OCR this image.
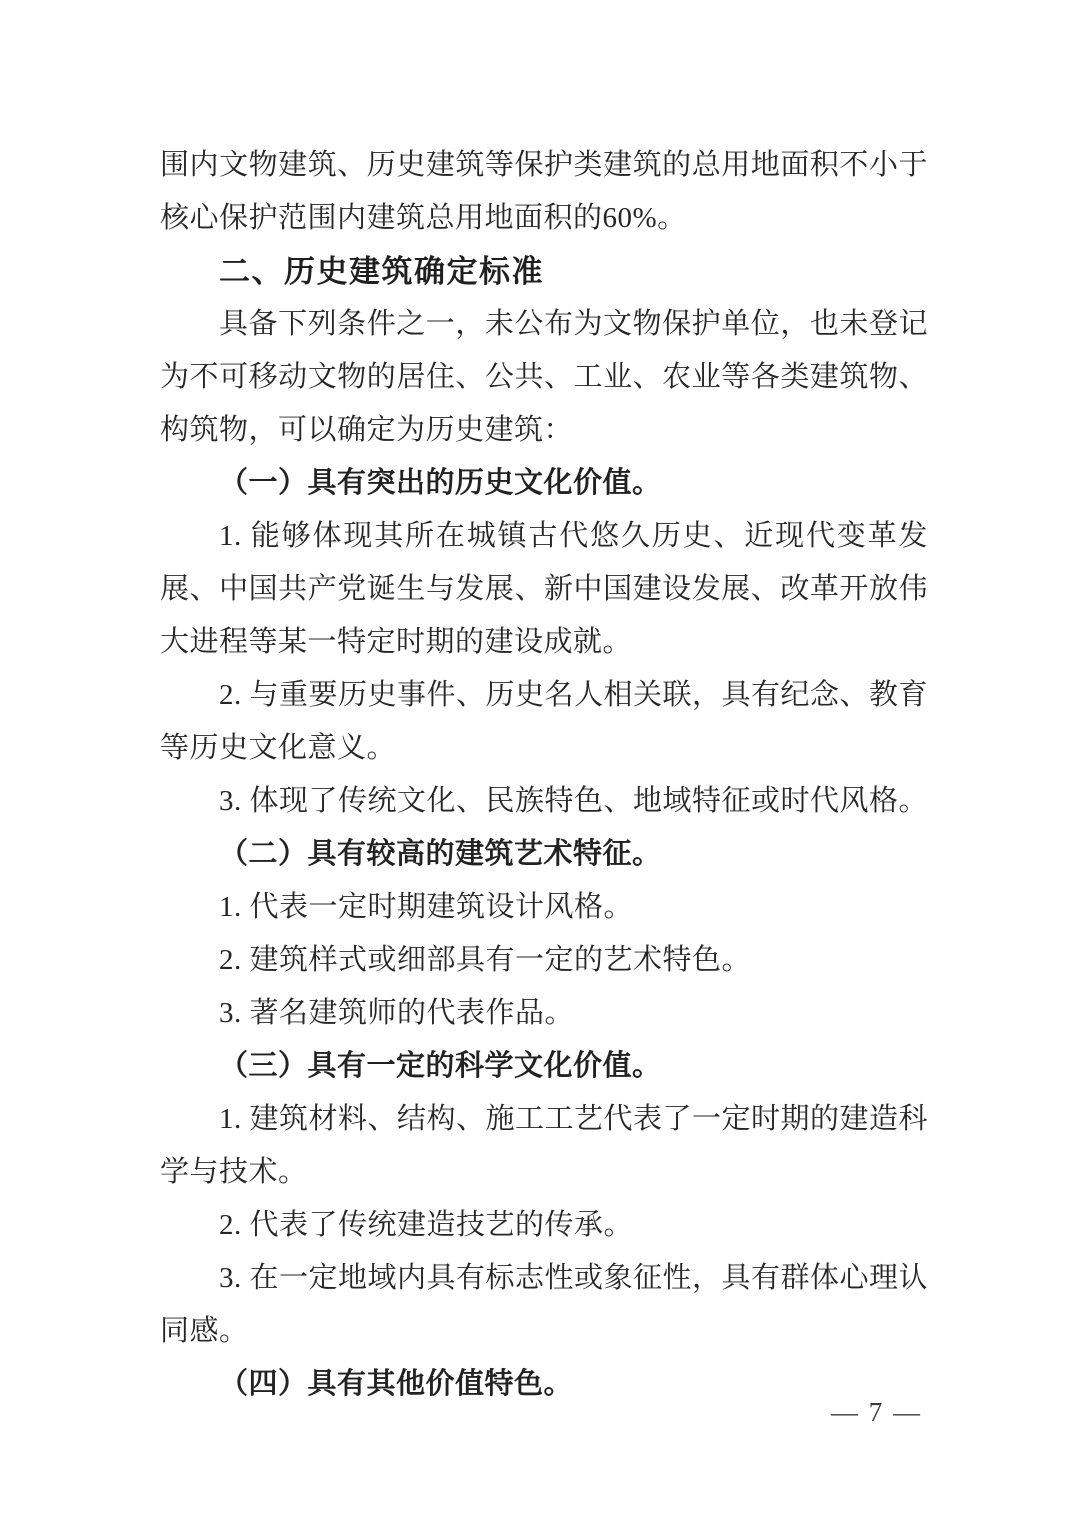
围内文物建筑、历史建筑等保护类建筑的总用地面积不小于
核心保护范围内建筑总用地面积的60%。
二、历史建筑确定标准
具备下列条件之一，未公布为文物保护单位，也未登记
为不可移动文物的居住、公共、工业、农业等各类建筑物、
构筑物，可以确定为历史建筑：
（一）具有突出的历史文化价值。
1. 能够体现其所在城镇古代悠久历史、近现代变革发
展、中国共产党诞生与发展、新中国建设发展、改革开放伟
大进程等某一特定时期的建设成就。
2. 与重要历史事件、历史名人相关联，具有纪念、教育
等历史文化意义。
3. 体现了传统文化、民族特色、地域特征或时代风格。
（二）具有较高的建筑艺术特征。
1. 代表一定时期建筑设计风格。
2. 建筑样式或细部具有一定的艺术特色。
3. 著名建筑师的代表作品。
（三）具有一定的科学文化价值。
1. 建筑材料、结构、施工工艺代表了一定时期的建造科
学与技术。
2. 代表了传统建造技艺的传承。
3. 在一定地域内具有标志性或象征性，具有群体心理认
同感。
（四）具有其他价值特色。
— 7 —
